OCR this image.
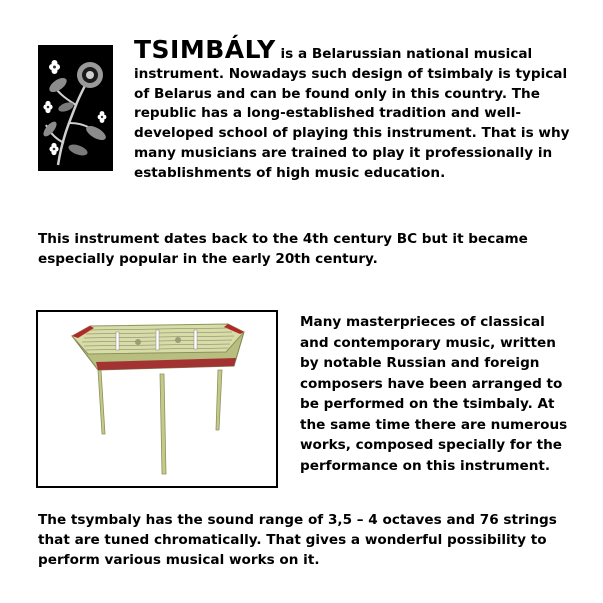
TSIMBÁLY is a Belarussian national musical instrument. Nowadays such design of tsimbaly is typical of Belarus and can be found only in this country. The republic has a long-established tradition and well-developed school of playing this instrument. That is why many musicians are trained to play it professionally in establishments of high music education.
This instrument dates back to the 4th century BC but it became especially popular in the early 20th century.
Many masterprieces of classical and contemporary music, written by notable Russian and foreign composers have been arranged to be performed on the tsimbaly. At the same time there are numerous works, composed specially for the performance on this instrument.
The tsymbaly has the sound range of 3,5 – 4 octaves and 76 strings that are tuned chromatically. That gives a wonderful possibility to perform various musical works on it.
